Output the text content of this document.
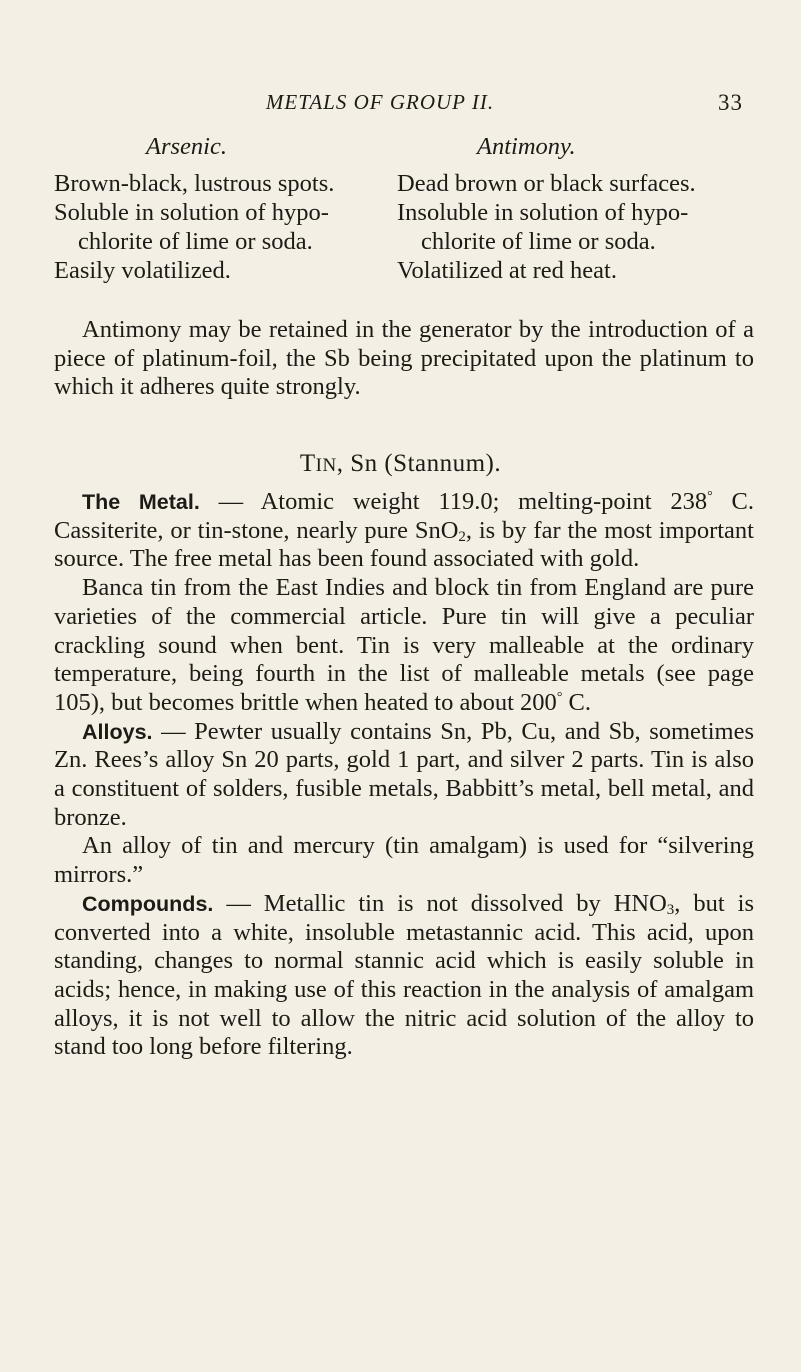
METALS OF GROUP II.	33
Arsenic.
Brown-black, lustrous spots.
Soluble in solution of hypo-
chlorite of lime or soda.
Easily volatilized.
Antimony.
Dead brown or black surfaces.
Insoluble in solution of hypo-
chlorite of lime or soda.
Volatilized at red heat.

Antimony may be retained in the generator by the introduction of a piece of platinum-foil, the Sb being precipitated upon the platinum to which it adheres quite strongly.

TIN, Sn (Stannum).

The Metal. — Atomic weight 119.0; melting-point 238° C. Cassiterite, or tin-stone, nearly pure SnO$_2$, is by far the most important source. The free metal has been found associated with gold.

Banca tin from the East Indies and block tin from England are pure varieties of the commercial article. Pure tin will give a peculiar crackling sound when bent. Tin is very malleable at the ordinary temperature, being fourth in the list of malleable metals (see page 105), but becomes brittle when heated to about 200° C.

Alloys. — Pewter usually contains Sn, Pb, Cu, and Sb, sometimes Zn. Rees’s alloy Sn 20 parts, gold 1 part, and silver 2 parts. Tin is also a constituent of solders, fusible metals, Babbitt’s metal, bell metal, and bronze.

An alloy of tin and mercury (tin amalgam) is used for “silvering mirrors.”

Compounds. — Metallic tin is not dissolved by $HNO_3$, but is converted into a white, insoluble metastannic acid. This acid, upon standing, changes to normal stannic acid which is easily soluble in acids; hence, in making use of this reaction in the analysis of amalgam alloys, it is not well to allow the nitric acid solution of the alloy to stand too long before filtering.
